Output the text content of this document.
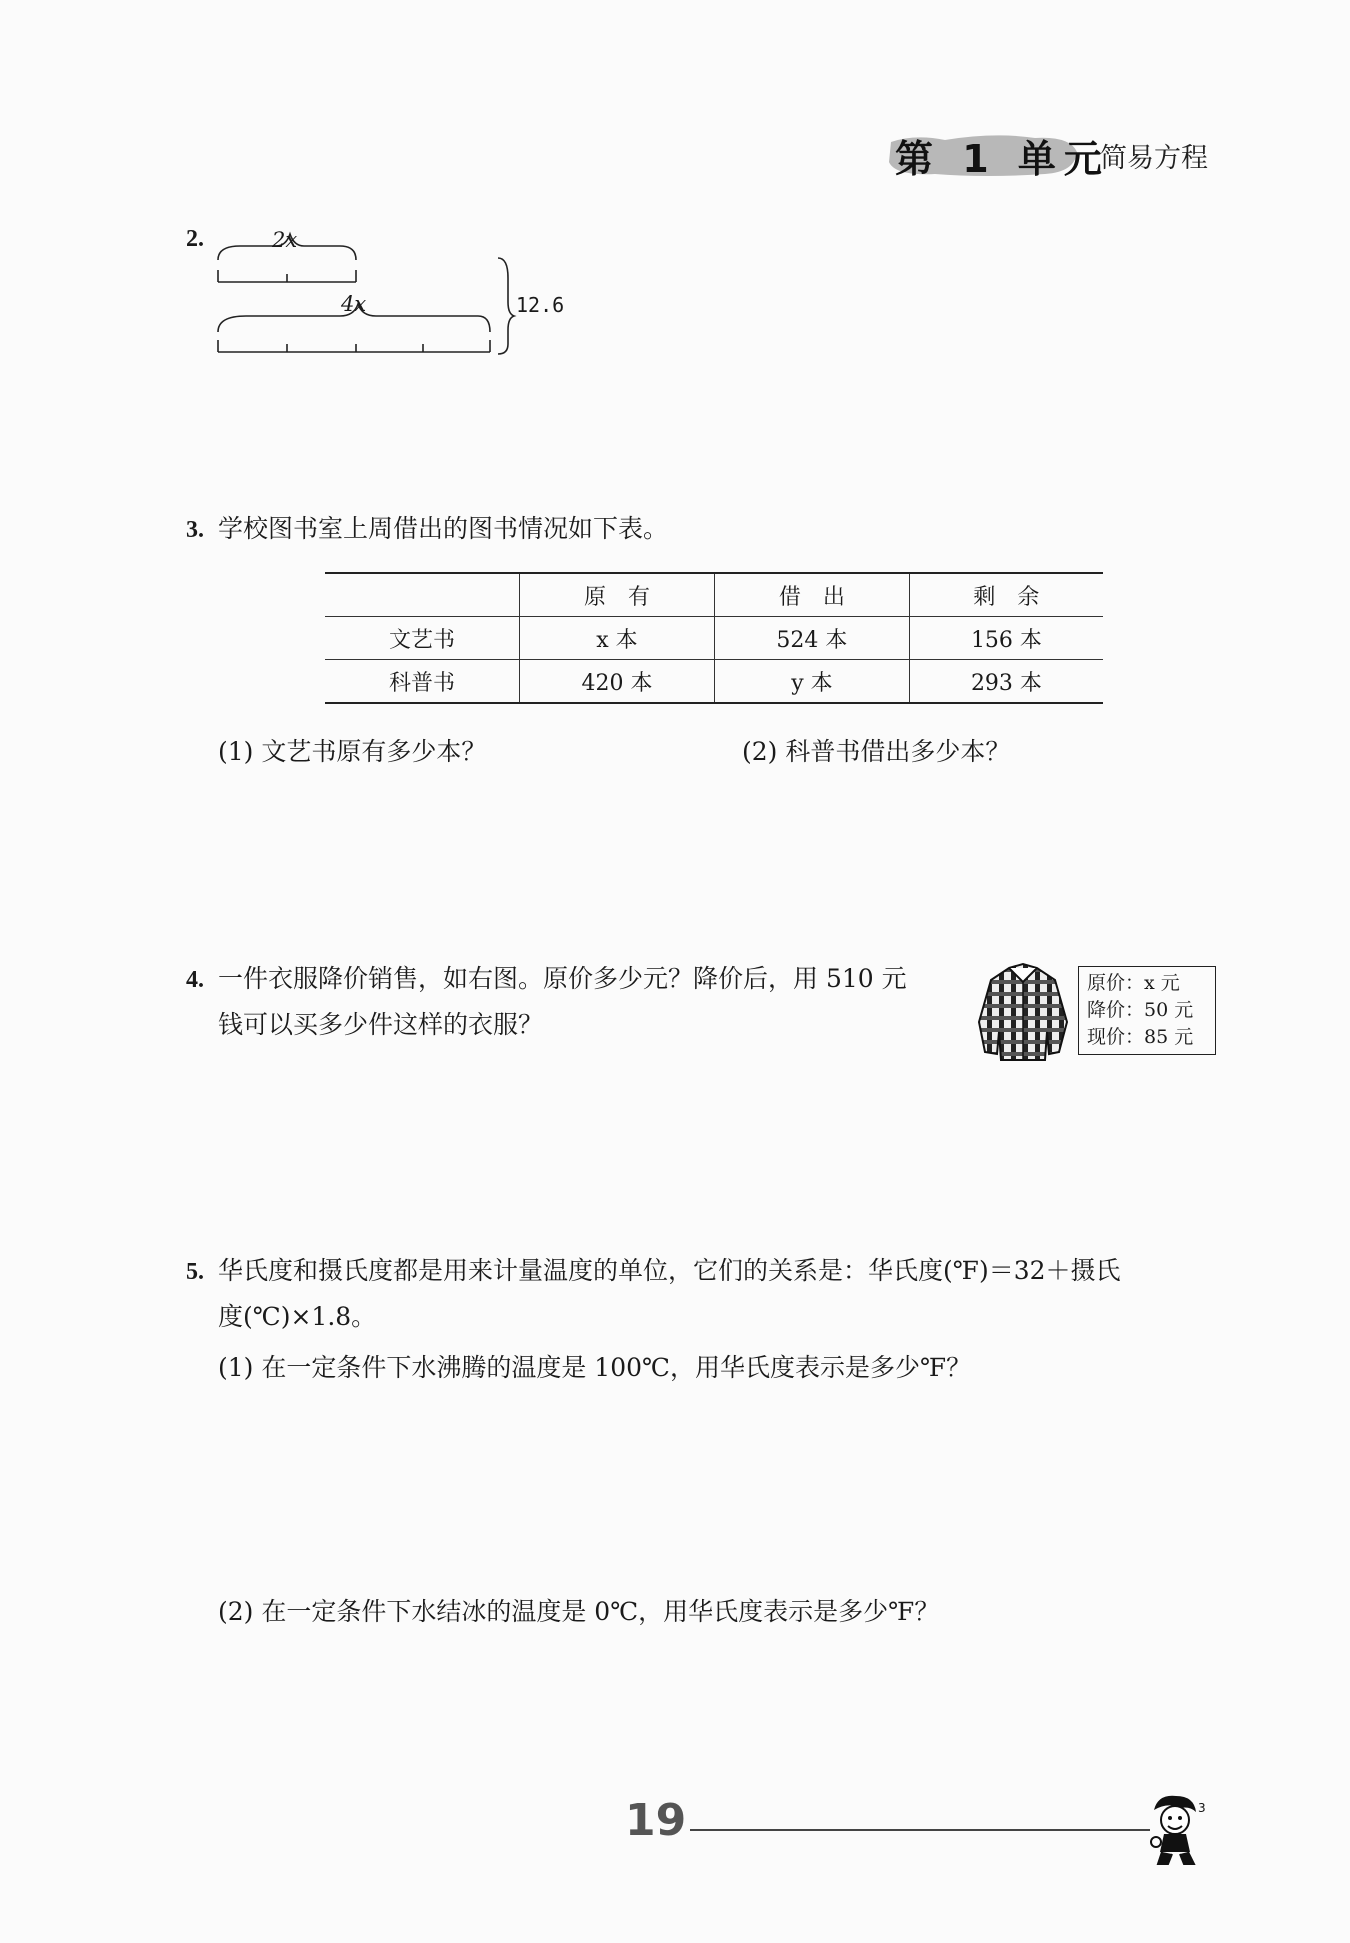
第 1 单元
简易方程
2.	2x
4x	12.6
3. 学校图书室上周借出的图书情况如下表。
	原　有	借　出	剩　余
文艺书	x 本	524 本	156 本
科普书	420 本	y 本	293 本
(1) 文艺书原有多少本？	(2) 科普书借出多少本？
4. 一件衣服降价销售，如右图。原价多少元？降价后，用 510 元
钱可以买多少件这样的衣服？
原价：x 元
降价：50 元
现价：85 元
5. 华氏度和摄氏度都是用来计量温度的单位，它们的关系是：华氏度(℉)＝32＋摄氏
度(℃)×1.8。
(1) 在一定条件下水沸腾的温度是 100℃，用华氏度表示是多少℉？
(2) 在一定条件下水结冰的温度是 0℃，用华氏度表示是多少℉？
19	3
